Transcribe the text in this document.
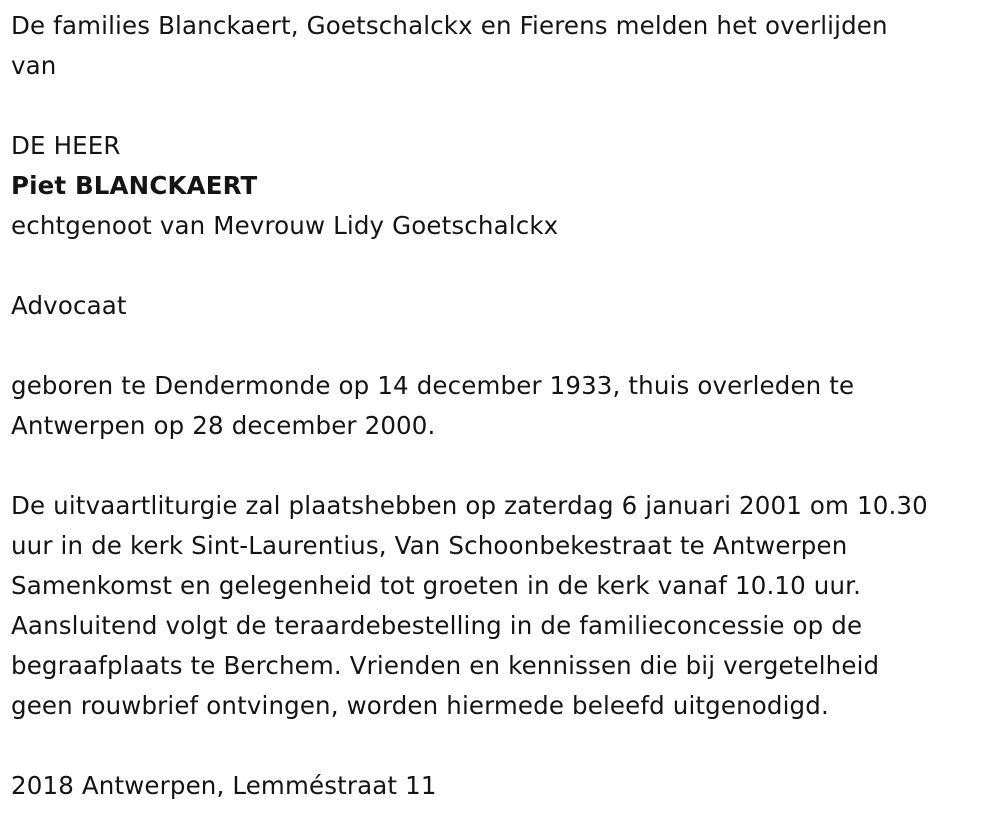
De families Blanckaert, Goetschalckx en Fierens melden het overlijden

van

DE HEER

Piet BLANCKAERT

echtgenoot van Mevrouw Lidy Goetschalckx

Advocaat

geboren te Dendermonde op 14 december 1933, thuis overleden te

Antwerpen op 28 december 2000.

De uitvaartliturgie zal plaatshebben op zaterdag 6 januari 2001 om 10.30

uur in de kerk Sint-Laurentius, Van Schoonbekestraat te Antwerpen

Samenkomst en gelegenheid tot groeten in de kerk vanaf 10.10 uur.

Aansluitend volgt de teraardebestelling in de familieconcessie op de

begraafplaats te Berchem. Vrienden en kennissen die bij vergetelheid

geen rouwbrief ontvingen, worden hiermede beleefd uitgenodigd.

2018 Antwerpen, Lemméstraat 11
